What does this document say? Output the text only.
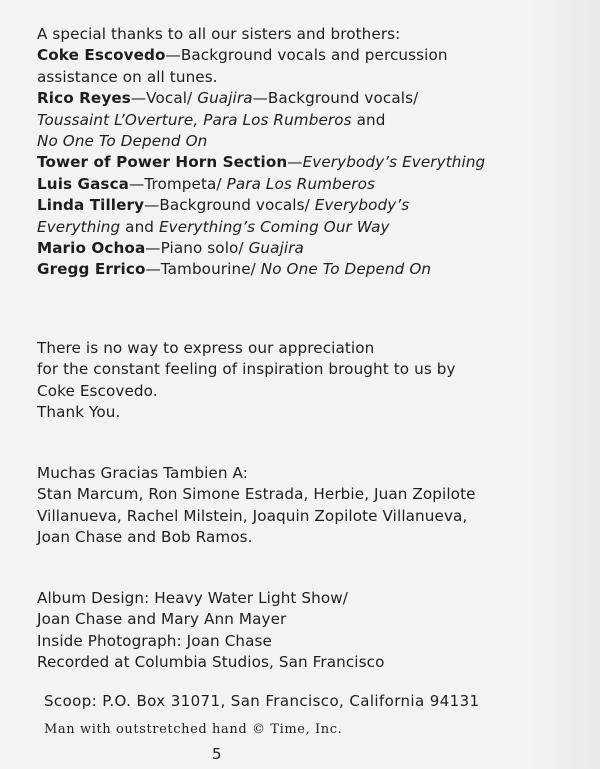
A special thanks to all our sisters and brothers:
Coke Escovedo—Background vocals and percussion
assistance on all tunes.
Rico Reyes—Vocal/ Guajira—Background vocals/
Toussaint L’Overture, Para Los Rumberos and
No One To Depend On
Tower of Power Horn Section—Everybody’s Everything
Luis Gasca—Trompeta/ Para Los Rumberos
Linda Tillery—Background vocals/ Everybody’s
Everything and Everything’s Coming Our Way
Mario Ochoa—Piano solo/ Guajira
Gregg Errico—Tambourine/ No One To Depend On
There is no way to express our appreciation
for the constant feeling of inspiration brought to us by
Coke Escovedo.
Thank You.
Muchas Gracias Tambien A:
Stan Marcum, Ron Simone Estrada, Herbie, Juan Zopilote
Villanueva, Rachel Milstein, Joaquin Zopilote Villanueva,
Joan Chase and Bob Ramos.
Album Design: Heavy Water Light Show/
Joan Chase and Mary Ann Mayer
Inside Photograph: Joan Chase
Recorded at Columbia Studios, San Francisco
Scoop: P.O. Box 31071, San Francisco, California 94131
Man with outstretched hand © Time, Inc.
5
